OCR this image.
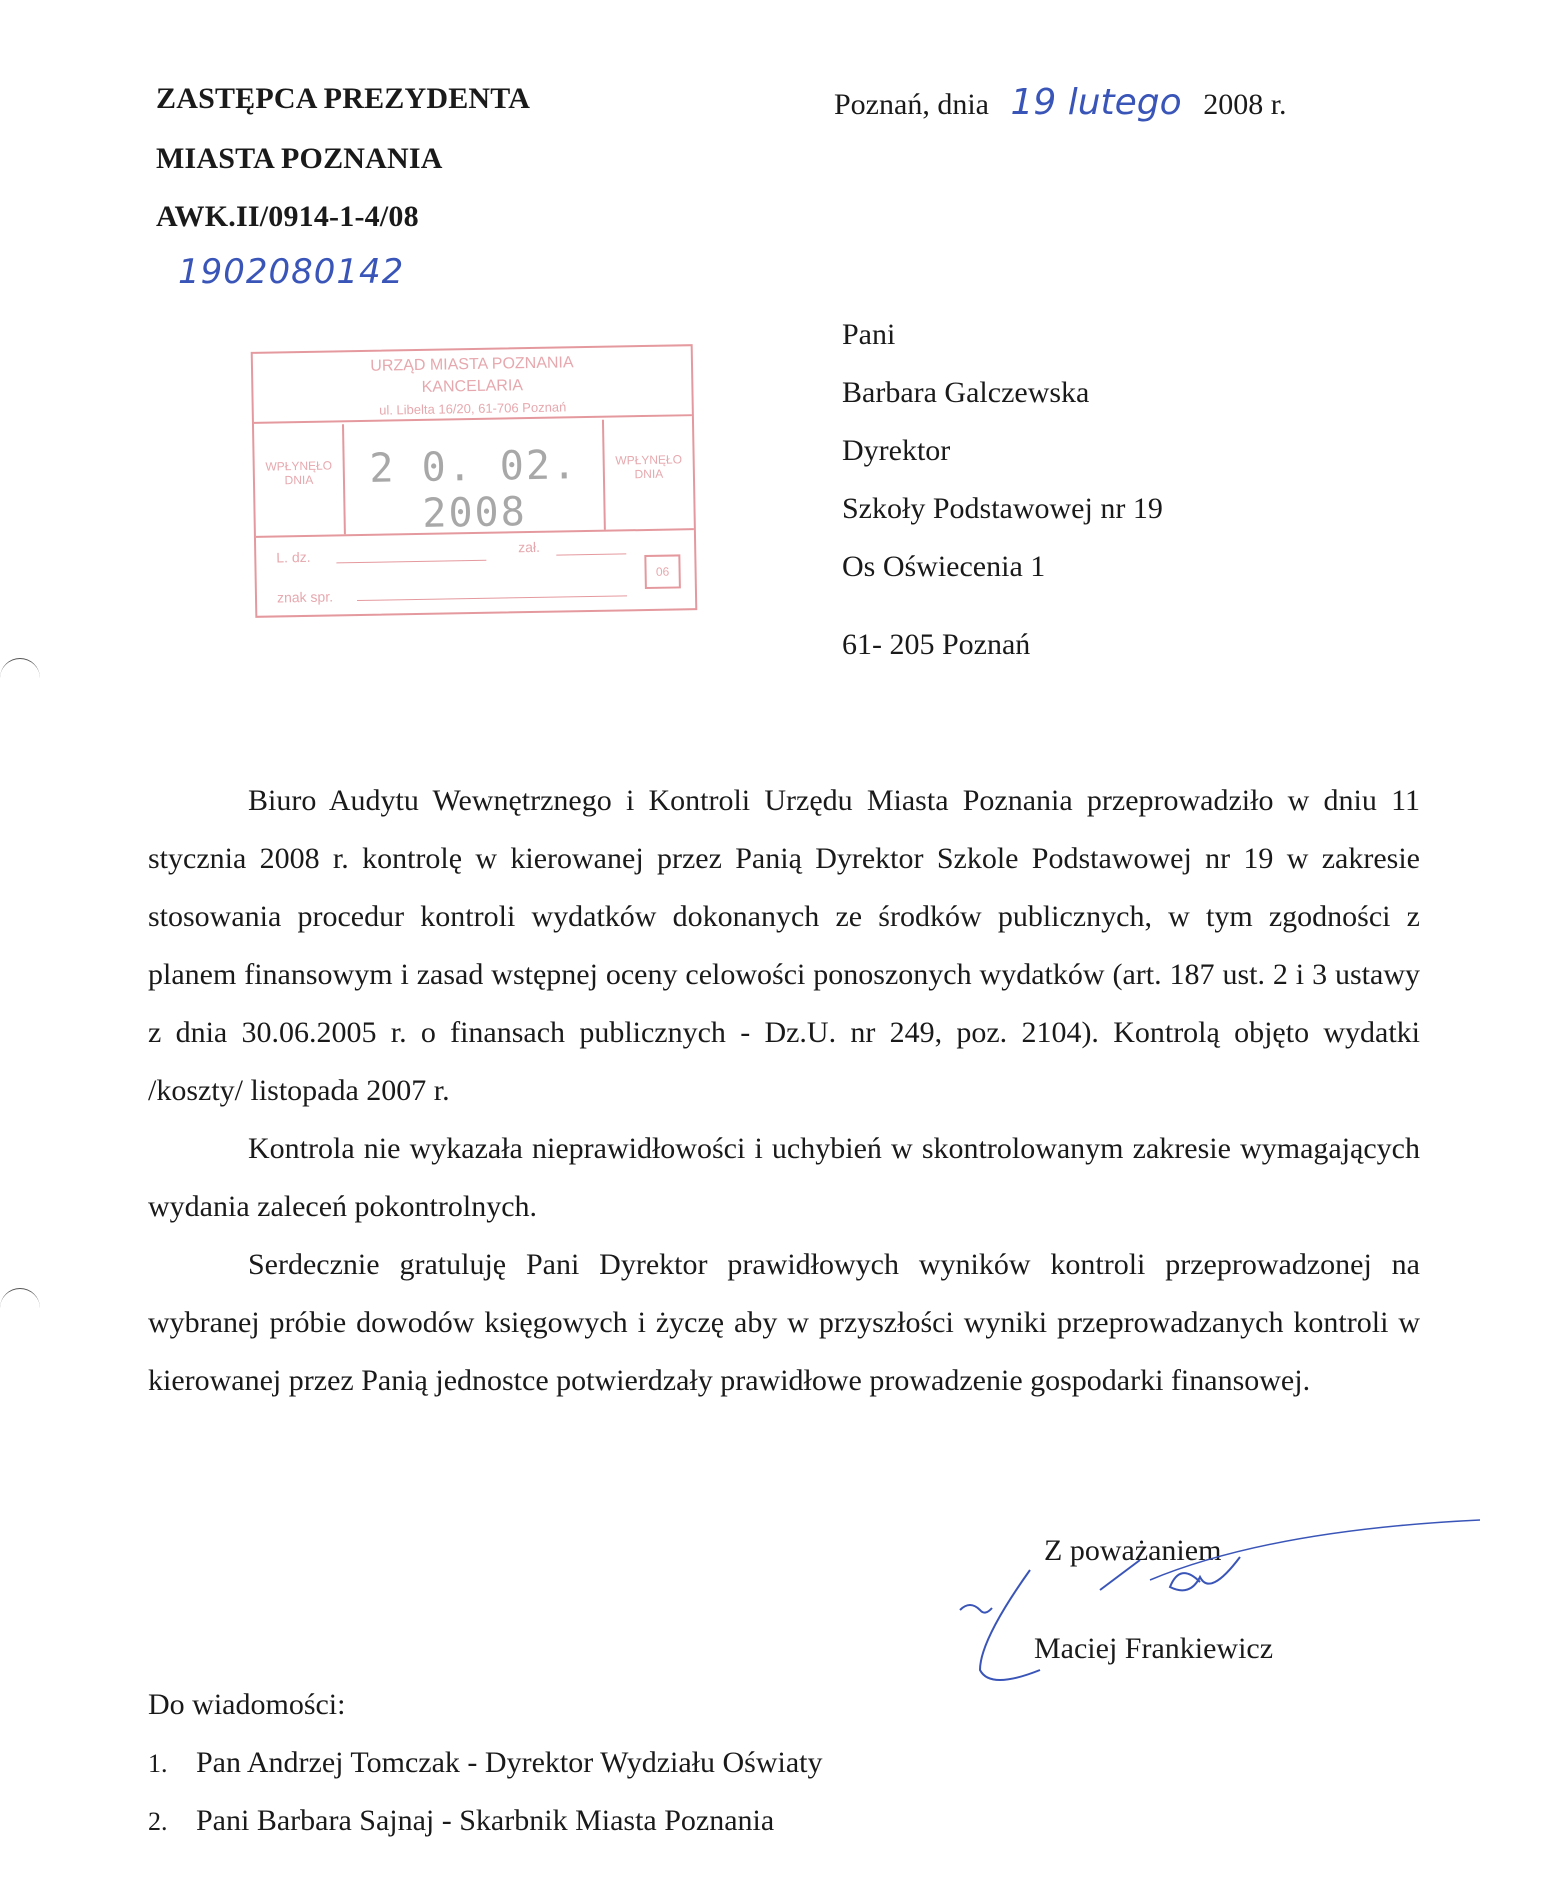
ZASTĘPCA PREZYDENTA
MIASTA POZNANIA
AWK.II/0914-1-4/08
1902080142
Poznań, dnia 19 lutego 2008 r.
URZĄD MIASTA POZNANIA
KANCELARIA
ul. Libelta 16/20, 61-706 Poznań
WPŁYNĘŁO DNIA	2 0. 02. 2008
WPŁYNĘŁO DNIA
L. dz.
zał.
znak spr.
06
Pani
Barbara Galczewska
Dyrektor
Szkoły Podstawowej nr 19
Os Oświecenia 1
61- 205 Poznań
Biuro Audytu Wewnętrznego i Kontroli Urzędu Miasta Poznania przeprowadziło w dniu 11 stycznia 2008 r. kontrolę w kierowanej przez Panią Dyrektor Szkole Podstawowej nr 19 w zakresie stosowania procedur kontroli wydatków dokonanych ze środków publicznych, w tym zgodności z planem finansowym i zasad wstępnej oceny celowości ponoszonych wydatków (art. 187 ust. 2 i 3 ustawy z dnia 30.06.2005 r. o finansach publicznych - Dz.U. nr 249, poz. 2104). Kontrolą objęto wydatki /koszty/ listopada 2007 r.
Kontrola nie wykazała nieprawidłowości i uchybień w skontrolowanym zakresie wymagających wydania zaleceń pokontrolnych.
Serdecznie gratuluję Pani Dyrektor prawidłowych wyników kontroli przeprowadzonej na wybranej próbie dowodów księgowych i życzę aby w przyszłości wyniki przeprowadzanych kontroli w kierowanej przez Panią jednostce potwierdzały prawidłowe prowadzenie gospodarki finansowej.
Z poważaniem
Maciej Frankiewicz
Do wiadomości:
1. Pan Andrzej Tomczak - Dyrektor Wydziału Oświaty
2. Pani Barbara Sajnaj - Skarbnik Miasta Poznania
